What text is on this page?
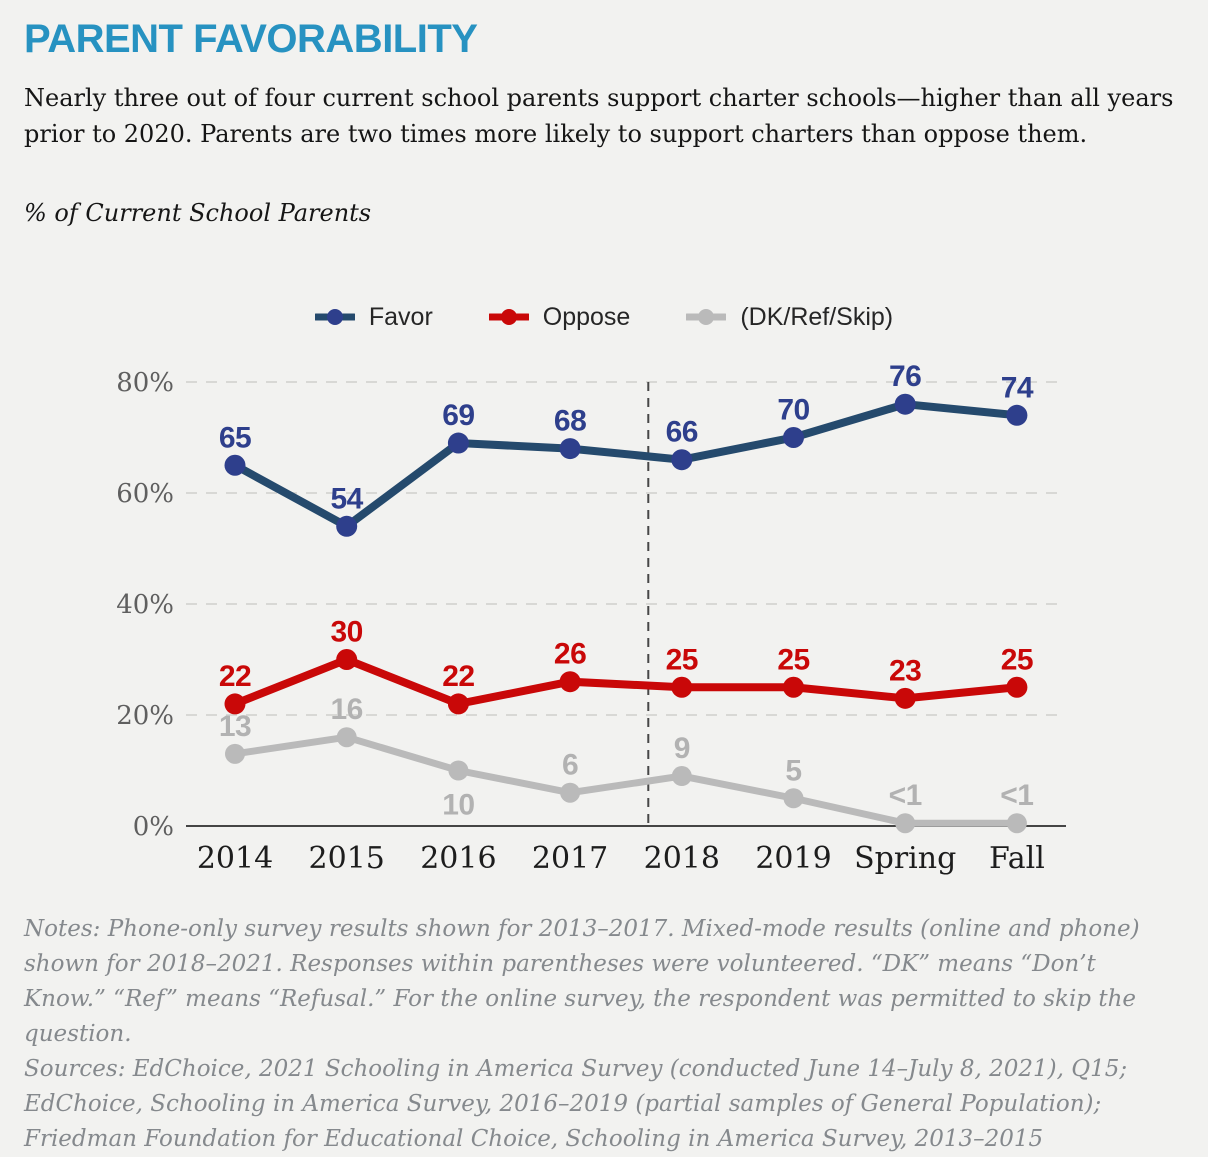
PARENT FAVORABILITY

Nearly three out of four current school parents support charter schools—higher than all years prior to 2020. Parents are two times more likely to support charters than oppose them.

% of Current School Parents

Favor	Oppose	(DK/Ref/Skip)
0%
20%
40%
60%
80%
65
54
69	68	66
70
76	74
22
30
22
26	25	25	23	25
13
16
10
6
9
5
<1	<1
2014 2015 2016 2017 2018 2019 Spring Fall

Notes: Phone-only survey results shown for 2013–2017. Mixed-mode results (online and phone) shown for 2018–2021. Responses within parentheses were volunteered. “DK” means “Don’t Know.” “Ref” means “Refusal.” For the online survey, the respondent was permitted to skip the question.

Sources: EdChoice, 2021 Schooling in America Survey (conducted June 14–July 8, 2021), Q15; EdChoice, Schooling in America Survey, 2016–2019 (partial samples of General Population); Friedman Foundation for Educational Choice, Schooling in America Survey, 2013–2015
